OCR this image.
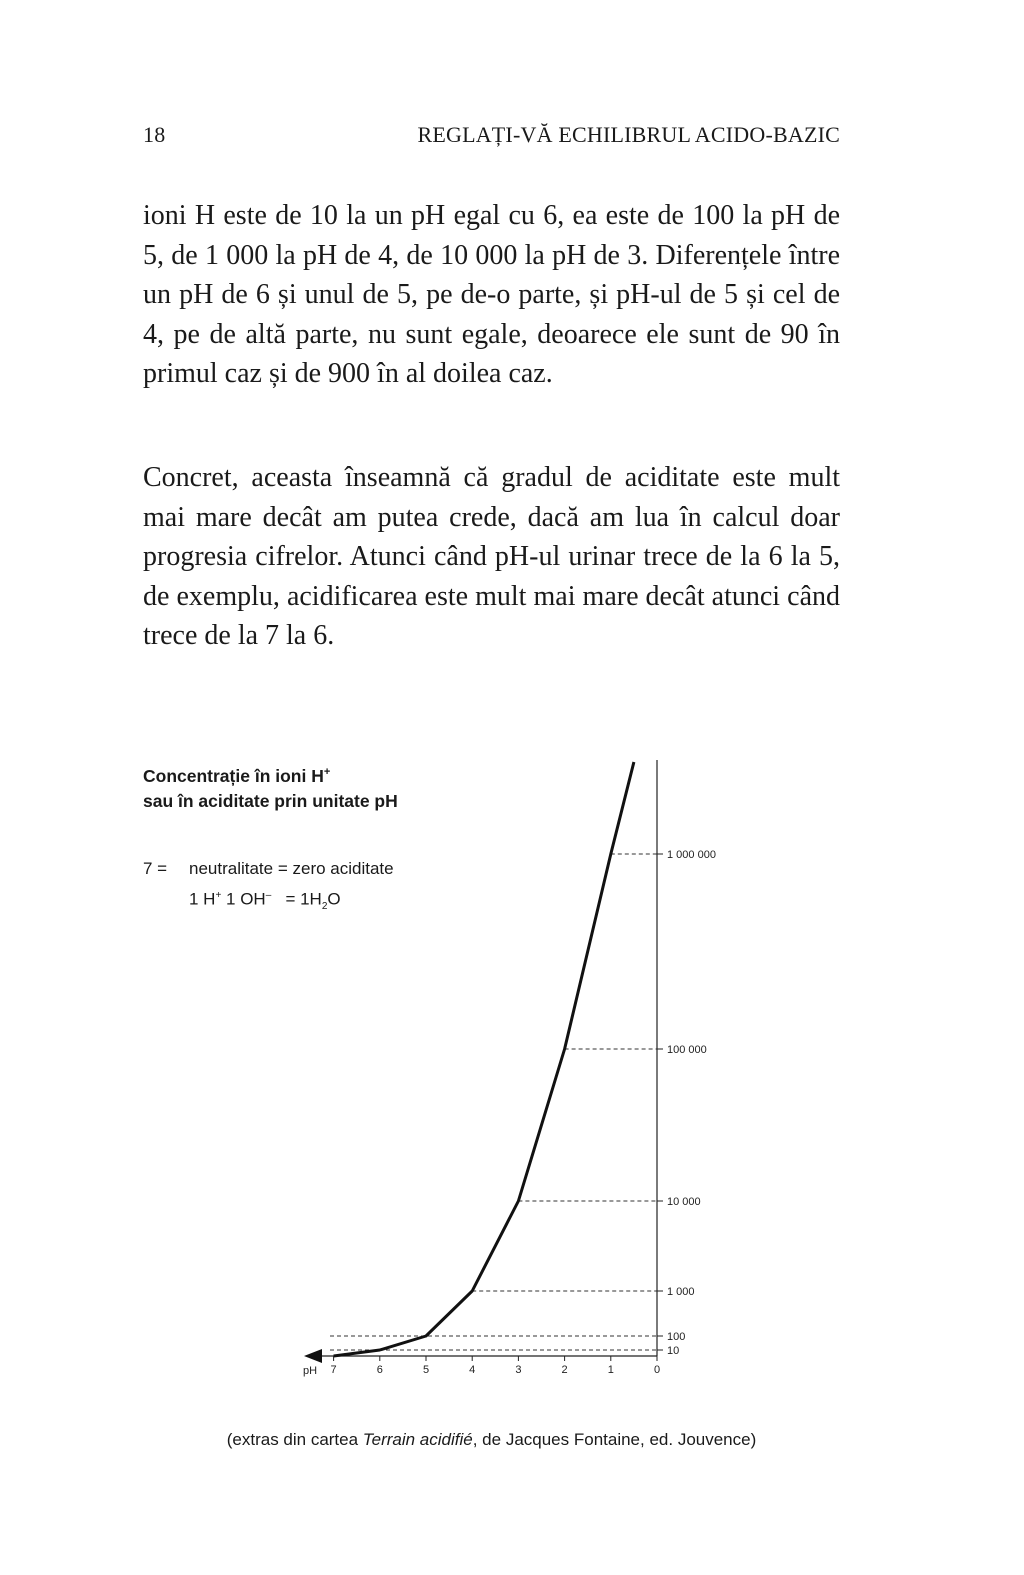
18	REGLAȚI-VĂ ECHILIBRUL ACIDO-BAZIC

ioni H este de 10 la un pH egal cu 6, ea este de 100 la pH de 5, de 1 000 la pH de 4, de 10 000 la pH de 3. Diferențele între un pH de 6 și unul de 5, pe de-o parte, și pH-ul de 5 și cel de 4, pe de altă parte, nu sunt egale, deoarece ele sunt de 90 în primul caz și de 900 în al doilea caz.

Concret, aceasta înseamnă că gradul de aciditate este mult mai mare decât am putea crede, dacă am lua în calcul doar progresia cifrelor. Atunci când pH-ul urinar trece de la 6 la 5, de exemplu, acidificarea este mult mai mare decât atunci când trece de la 7 la 6.

Concentrație în ioni H+
sau în aciditate prin unitate pH
7 = neutralitate = zero aciditate
1 H+ 1 $OH^- = 1H_2O$
7	6	5	4	3	2	1	0
10
100
1 000
10 000
100 000
1 000 000
pH
(extras din cartea Terrain acidifié, de Jacques Fontaine, ed. Jouvence)
